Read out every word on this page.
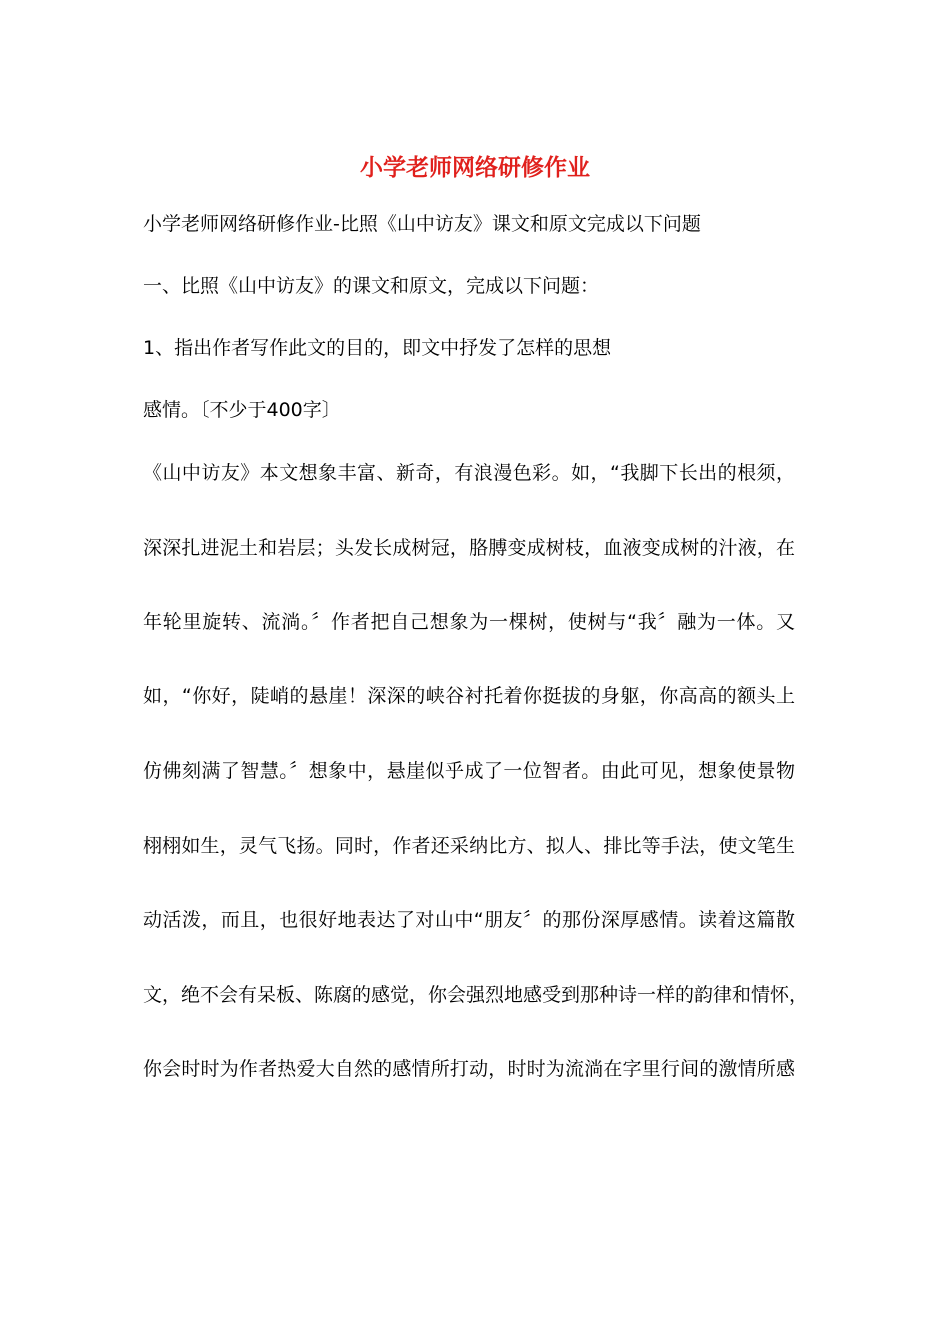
小学老师网络研修作业
小学老师网络研修作业-比照《山中访友》课文和原文完成以下问题
一、比照《山中访友》的课文和原文，完成以下问题：
1、指出作者写作此文的目的，即文中抒发了怎样的思想
感情。〔不少于400字〕
《山中访友》本文想象丰富、新奇，有浪漫色彩。如，“我脚下长出的根须，
深深扎进泥土和岩层；头发长成树冠，胳膊变成树枝，血液变成树的汁液，在
年轮里旋转、流淌。〞作者把自己想象为一棵树，使树与“我〞融为一体。又
如，“你好，陡峭的悬崖！深深的峡谷衬托着你挺拔的身躯，你高高的额头上
仿佛刻满了智慧。〞想象中，悬崖似乎成了一位智者。由此可见，想象使景物
栩栩如生，灵气飞扬。同时，作者还采纳比方、拟人、排比等手法，使文笔生
动活泼，而且，也很好地表达了对山中“朋友〞的那份深厚感情。读着这篇散
文，绝不会有呆板、陈腐的感觉，你会强烈地感受到那种诗一样的韵律和情怀，
你会时时为作者热爱大自然的感情所打动，时时为流淌在字里行间的激情所感
